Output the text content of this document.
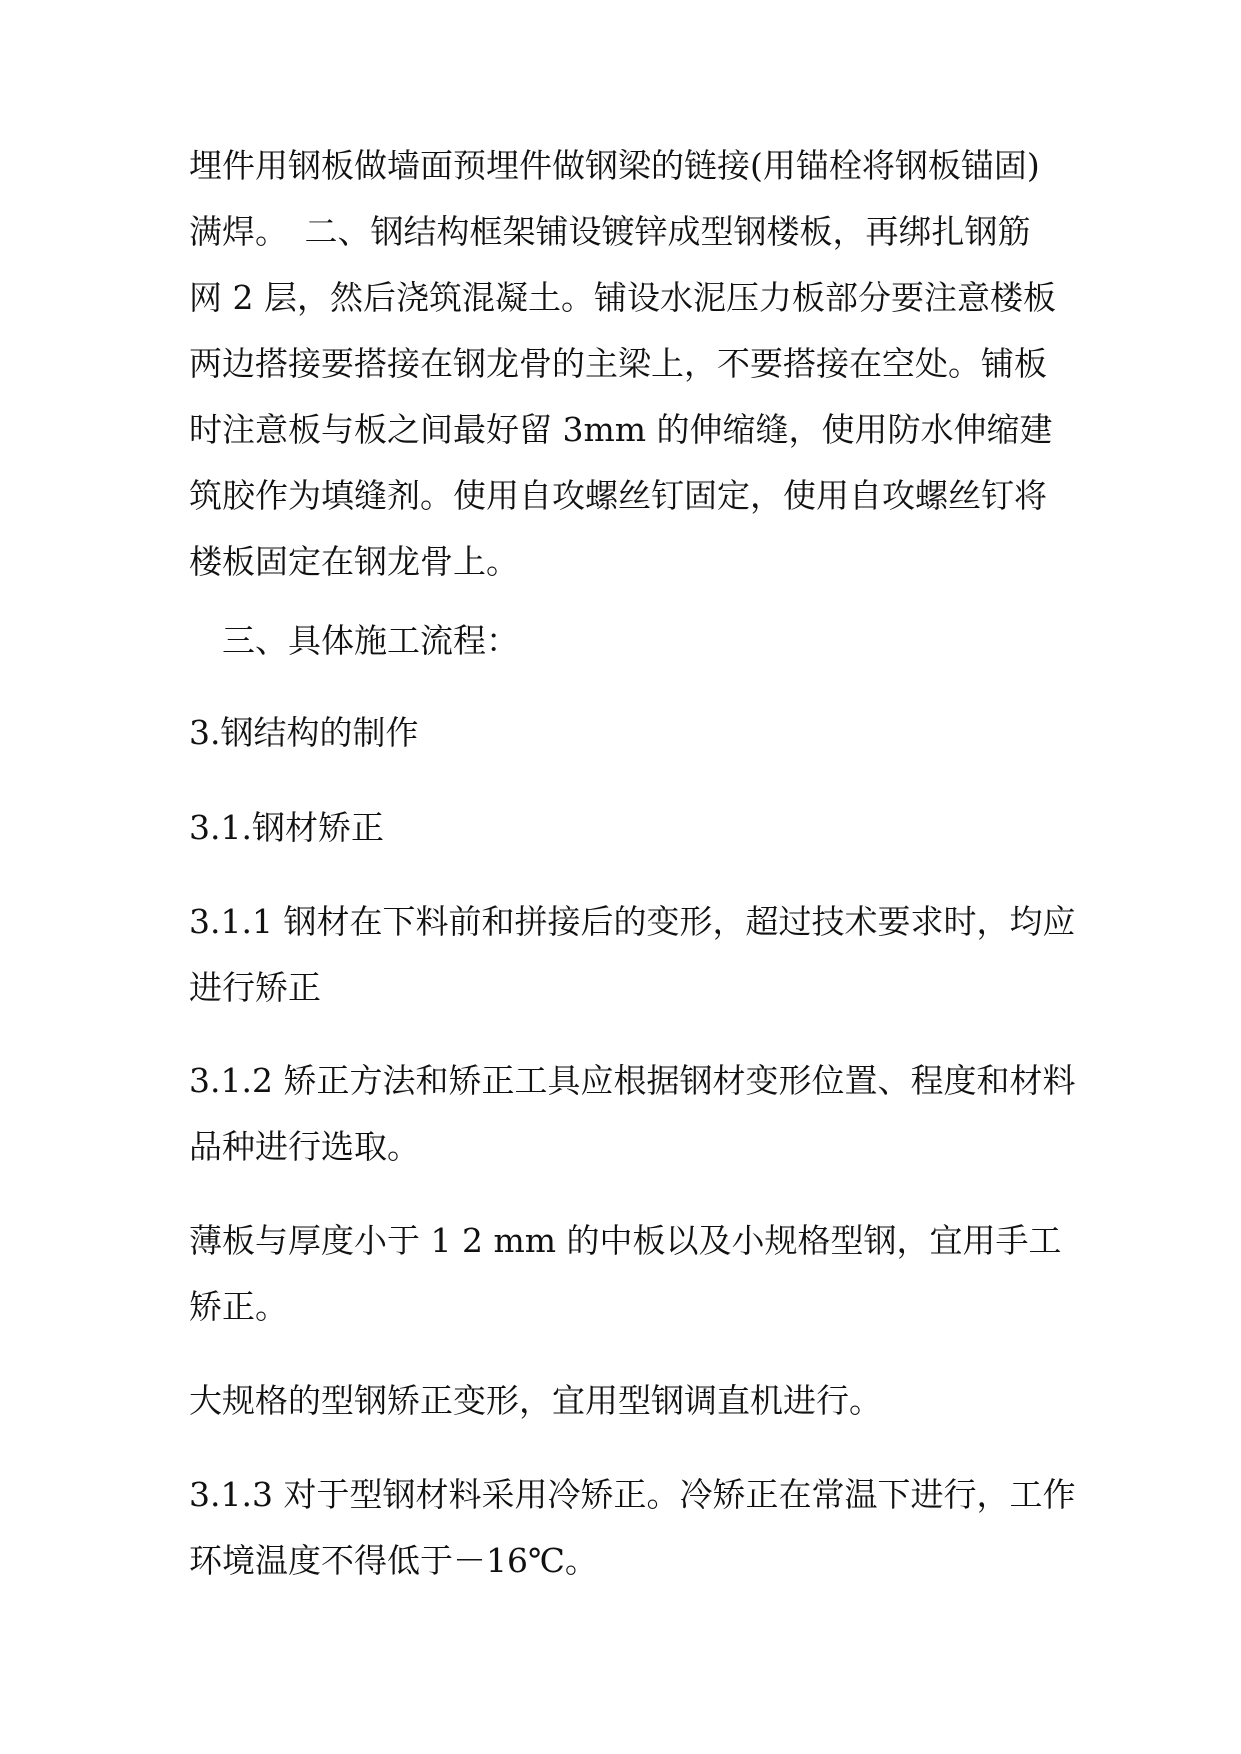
埋件用钢板做墙面预埋件做钢梁的链接(用锚栓将钢板锚固)
满焊。　二、钢结构框架铺设镀锌成型钢楼板，再绑扎钢筋
网 2 层，然后浇筑混凝土。铺设水泥压力板部分要注意楼板
两边搭接要搭接在钢龙骨的主梁上，不要搭接在空处。铺板
时注意板与板之间最好留 3mm 的伸缩缝，使用防水伸缩建
筑胶作为填缝剂。使用自攻螺丝钉固定，使用自攻螺丝钉将
楼板固定在钢龙骨上。
　三、具体施工流程：
3.钢结构的制作
3.1.钢材矫正
3.1.1 钢材在下料前和拼接后的变形，超过技术要求时，均应
进行矫正
3.1.2 矫正方法和矫正工具应根据钢材变形位置、程度和材料
品种进行选取。
薄板与厚度小于 1 2 mm 的中板以及小规格型钢，宜用手工
矫正。
大规格的型钢矫正变形，宜用型钢调直机进行。
3.1.3 对于型钢材料采用冷矫正。冷矫正在常温下进行，工作
环境温度不得低于－16℃。
